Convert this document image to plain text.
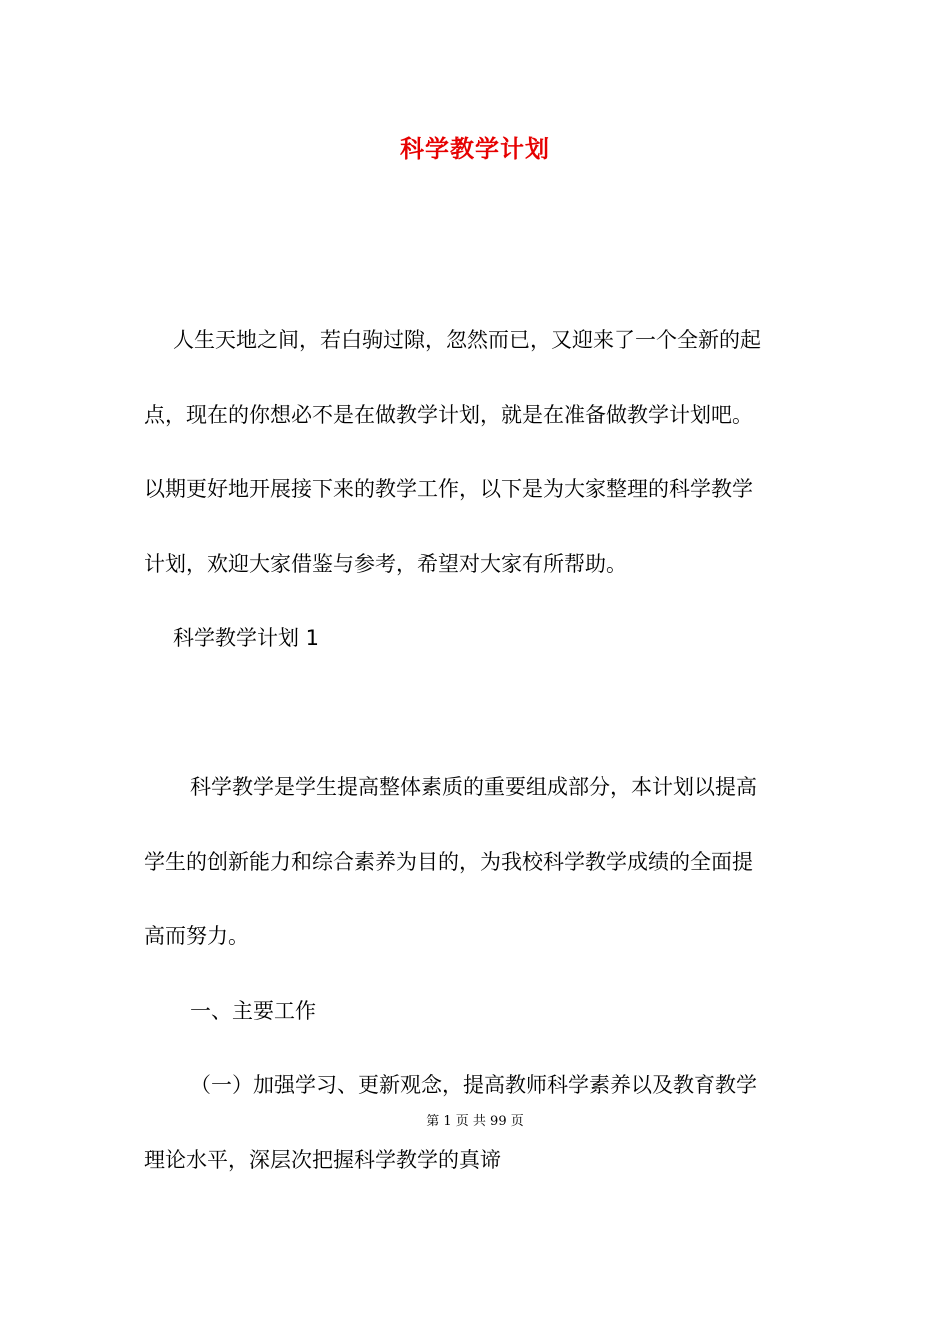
科学教学计划
人生天地之间，若白驹过隙，忽然而已，又迎来了一个全新的起
点，现在的你想必不是在做教学计划，就是在准备做教学计划吧。
以期更好地开展接下来的教学工作，以下是为大家整理的科学教学
计划，欢迎大家借鉴与参考，希望对大家有所帮助。
科学教学计划 1
科学教学是学生提高整体素质的重要组成部分，本计划以提高
学生的创新能力和综合素养为目的，为我校科学教学成绩的全面提
高而努力。
一、主要工作
（一）加强学习、更新观念，提高教师科学素养以及教育教学
第 1 页 共 99 页
理论水平，深层次把握科学教学的真谛
